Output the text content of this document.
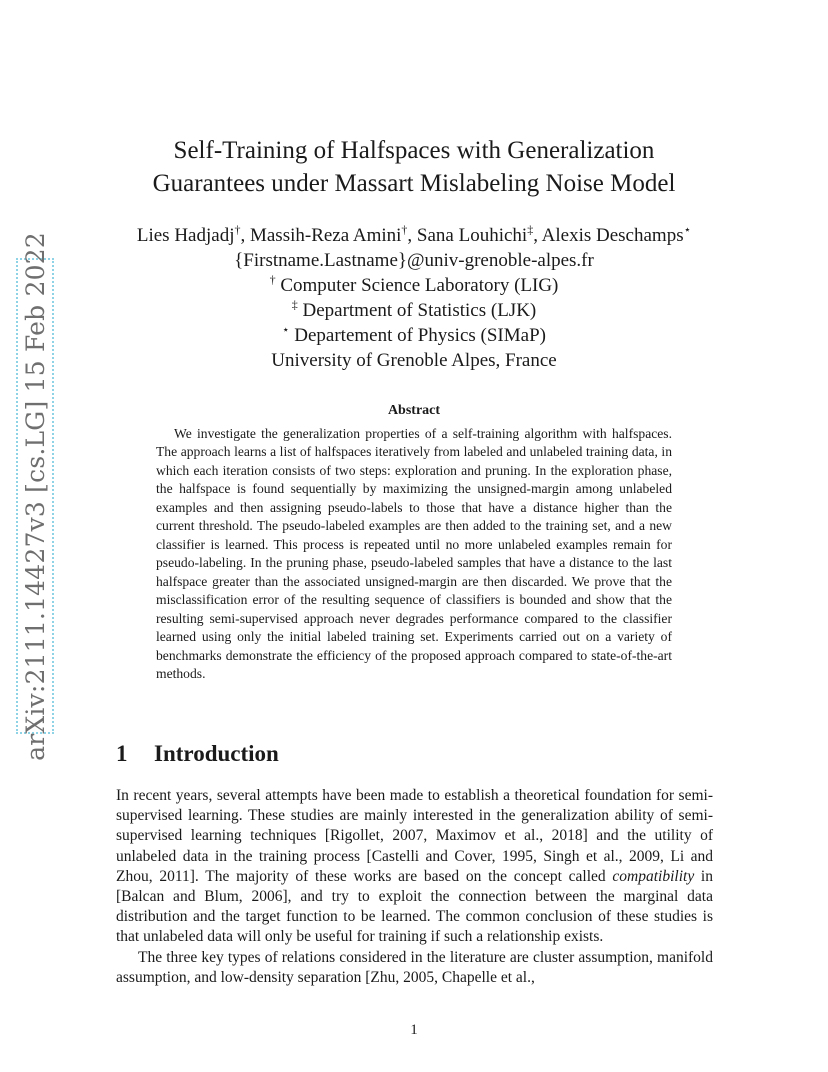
arXiv:2111.14427v3 [cs.LG] 15 Feb 2022
Self-Training of Halfspaces with Generalization
Guarantees under Massart Mislabeling Noise Model
Lies Hadjadj†, Massih-Reza Amini†, Sana Louhichi‡, Alexis Deschamps⋆
{Firstname.Lastname}@univ-grenoble-alpes.fr
† Computer Science Laboratory (LIG)
‡ Department of Statistics (LJK)
⋆ Departement of Physics (SIMaP)
University of Grenoble Alpes, France
Abstract

We investigate the generalization properties of a self-training algorithm with halfspaces. The approach learns a list of halfspaces iteratively from labeled and unlabeled training data, in which each iteration consists of two steps: exploration and pruning. In the exploration phase, the halfspace is found sequentially by maximizing the unsigned-margin among unlabeled examples and then assigning pseudo-labels to those that have a distance higher than the current threshold. The pseudo-labeled examples are then added to the training set, and a new classifier is learned. This process is repeated until no more unlabeled examples remain for pseudo-labeling. In the pruning phase, pseudo-labeled samples that have a distance to the last halfspace greater than the associated unsigned-margin are then discarded. We prove that the misclassification error of the resulting sequence of classifiers is bounded and show that the resulting semi-supervised approach never degrades performance compared to the classifier learned using only the initial labeled training set. Experiments carried out on a variety of benchmarks demonstrate the efficiency of the proposed approach compared to state-of-the-art methods.

1 Introduction

In recent years, several attempts have been made to establish a theoretical foundation for semi-supervised learning. These studies are mainly interested in the generalization ability of semi-supervised learning techniques [Rigollet, 2007, Maximov et al., 2018] and the utility of unlabeled data in the training process [Castelli and Cover, 1995, Singh et al., 2009, Li and Zhou, 2011]. The majority of these works are based on the concept called compatibility in [Balcan and Blum, 2006], and try to exploit the connection between the marginal data distribution and the target function to be learned. The common conclusion of these studies is that unlabeled data will only be useful for training if such a relationship exists.

The three key types of relations considered in the literature are cluster assumption, manifold assumption, and low-density separation [Zhu, 2005, Chapelle et al.,

1
